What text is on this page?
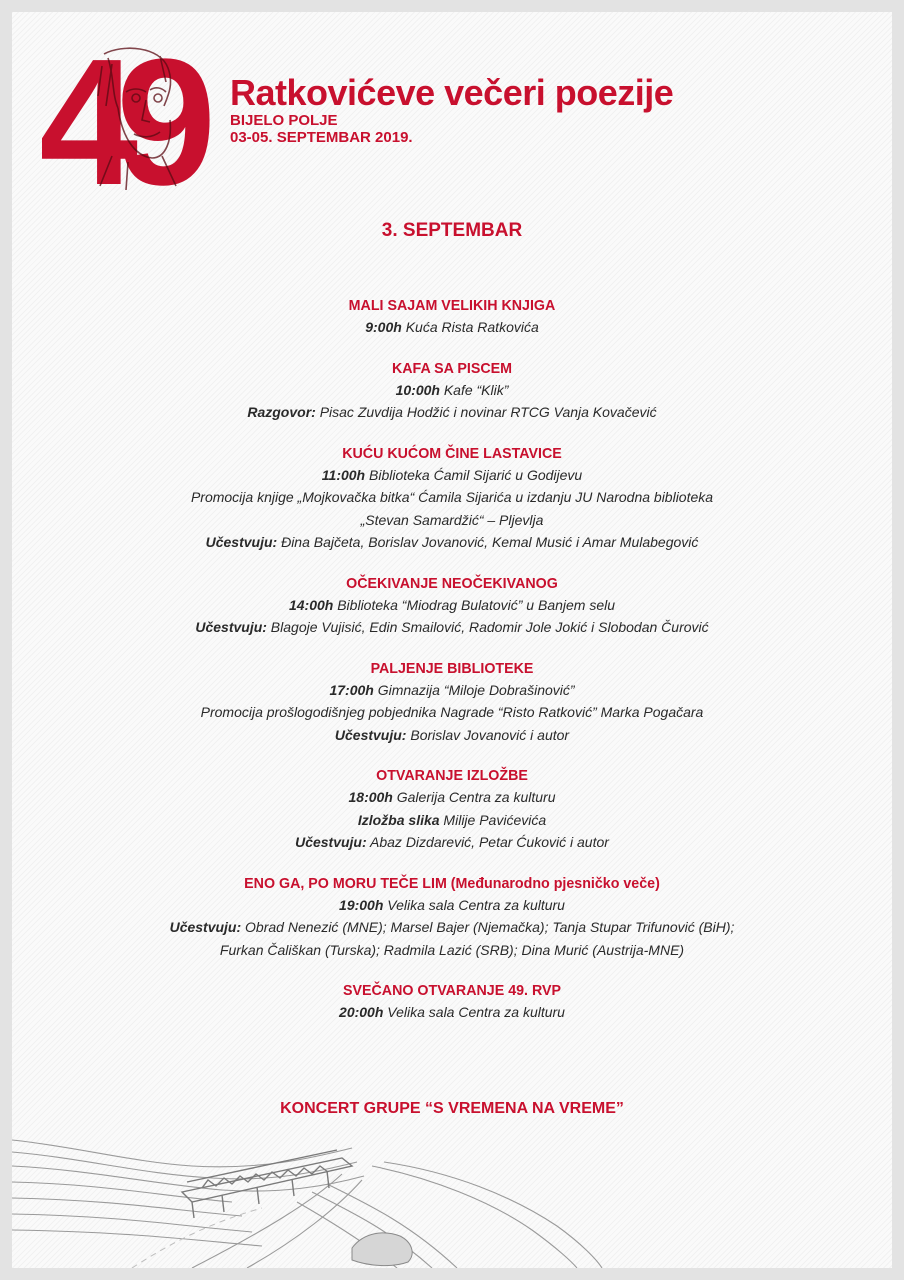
49 Ratkovićeve večeri poezije
BIJELO POLJE
03-05. SEPTEMBAR 2019.
3. SEPTEMBAR
MALI SAJAM VELIKIH KNJIGA
9:00h Kuća Rista Ratkovića
KAFA SA PISCEM
10:00h Kafe “Klik”
Razgovor: Pisac Zuvdija Hodžić i novinar RTCG Vanja Kovačević
KUĆU KUĆOM ČINE LASTAVICE
11:00h Biblioteka Ćamil Sijarić u Godijevu
Promocija knjige „Mojkovačka bitka“ Ćamila Sijarića u izdanju JU Narodna biblioteka
„Stevan Samardžić“ – Pljevlja
Učestvuju: Đina Bajčeta, Borislav Jovanović, Kemal Musić i Amar Mulabegović
OČEKIVANJE NEOČEKIVANOG
14:00h Biblioteka “Miodrag Bulatović” u Banjem selu
Učestvuju: Blagoje Vujisić, Edin Smailović, Radomir Jole Jokić i Slobodan Čurović
PALJENJE BIBLIOTEKE
17:00h Gimnazija “Miloje Dobrašinović”
Promocija prošlogodišnjeg pobjednika Nagrade “Risto Ratković” Marka Pogačara
Učestvuju: Borislav Jovanović i autor
OTVARANJE IZLOŽBE
18:00h Galerija Centra za kulturu
Izložba slika Milije Pavićevića
Učestvuju: Abaz Dizdarević, Petar Ćuković i autor
ENO GA, PO MORU TEČE LIM (Međunarodno pjesničko veče)
19:00h Velika sala Centra za kulturu
Učestvuju: Obrad Nenezić (MNE); Marsel Bajer (Njemačka); Tanja Stupar Trifunović (BiH);
Furkan Čališkan (Turska); Radmila Lazić (SRB); Dina Murić (Austrija-MNE)
SVEČANO OTVARANJE 49. RVP
20:00h Velika sala Centra za kulturu
KONCERT GRUPE “S VREMENA NA VREME”
